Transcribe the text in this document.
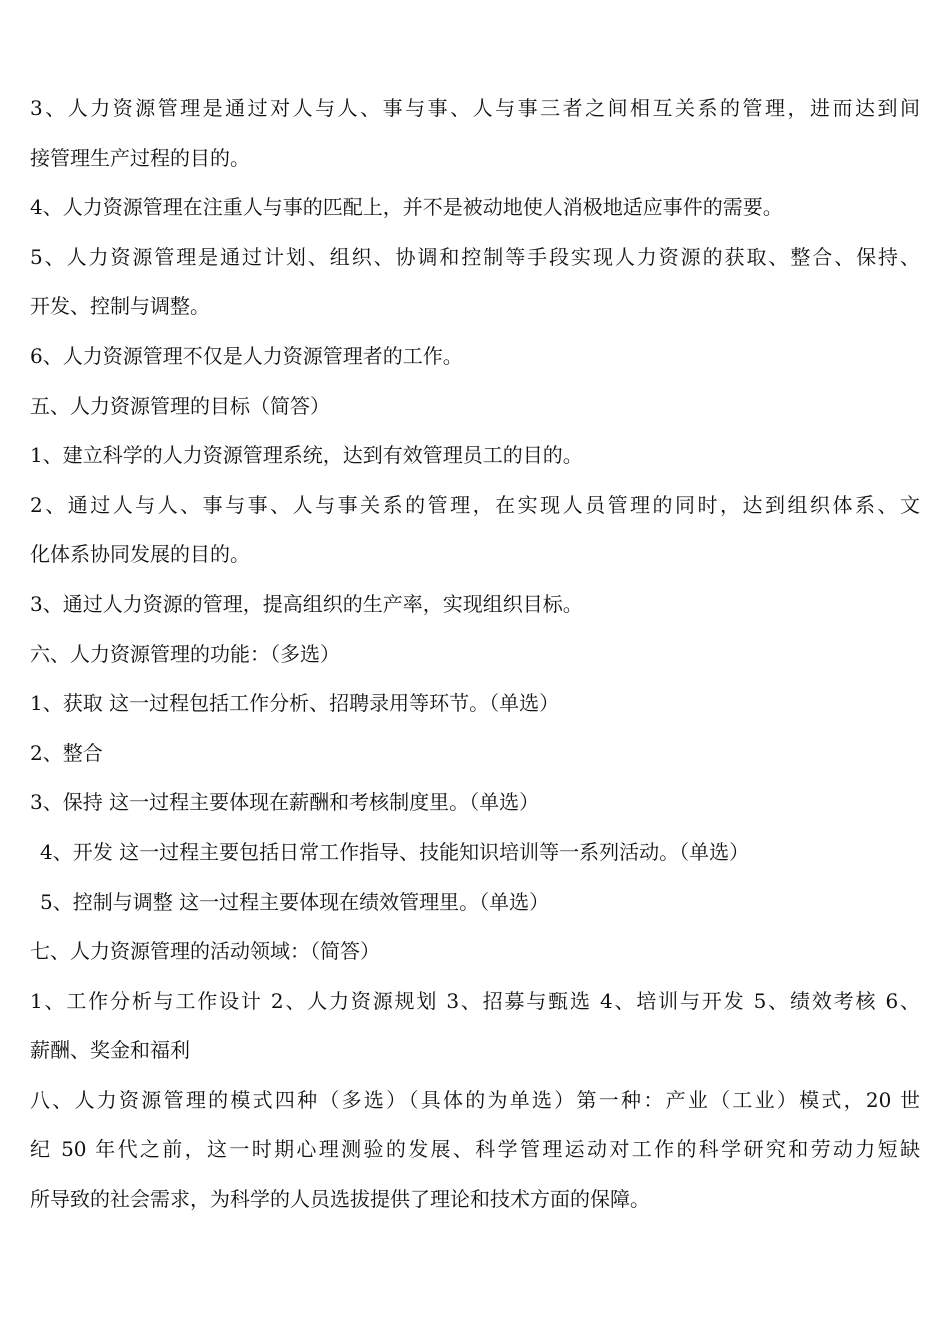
3、人力资源管理是通过对人与人、事与事、人与事三者之间相互关系的管理，进而达到间

接管理生产过程的目的。

4、人力资源管理在注重人与事的匹配上，并不是被动地使人消极地适应事件的需要。

5、人力资源管理是通过计划、组织、协调和控制等手段实现人力资源的获取、整合、保持、

开发、控制与调整。

6、人力资源管理不仅是人力资源管理者的工作。

五、人力资源管理的目标（简答）

1、建立科学的人力资源管理系统，达到有效管理员工的目的。

2、通过人与人、事与事、人与事关系的管理，在实现人员管理的同时，达到组织体系、文

化体系协同发展的目的。

3、通过人力资源的管理，提高组织的生产率，实现组织目标。

六、人力资源管理的功能：（多选）

1、获取 这一过程包括工作分析、招聘录用等环节。（单选）

2、整合

3、保持 这一过程主要体现在薪酬和考核制度里。（单选）

4、开发 这一过程主要包括日常工作指导、技能知识培训等一系列活动。（单选）

5、控制与调整 这一过程主要体现在绩效管理里。（单选）

七、人力资源管理的活动领域：（简答）

1、工作分析与工作设计 2、人力资源规划 3、招募与甄选 4、培训与开发 5、绩效考核 6、

薪酬、奖金和福利

八、人力资源管理的模式四种（多选）（具体的为单选）第一种：产业（工业）模式，20 世

纪 50 年代之前，这一时期心理测验的发展、科学管理运动对工作的科学研究和劳动力短缺

所导致的社会需求，为科学的人员选拔提供了理论和技术方面的保障。
